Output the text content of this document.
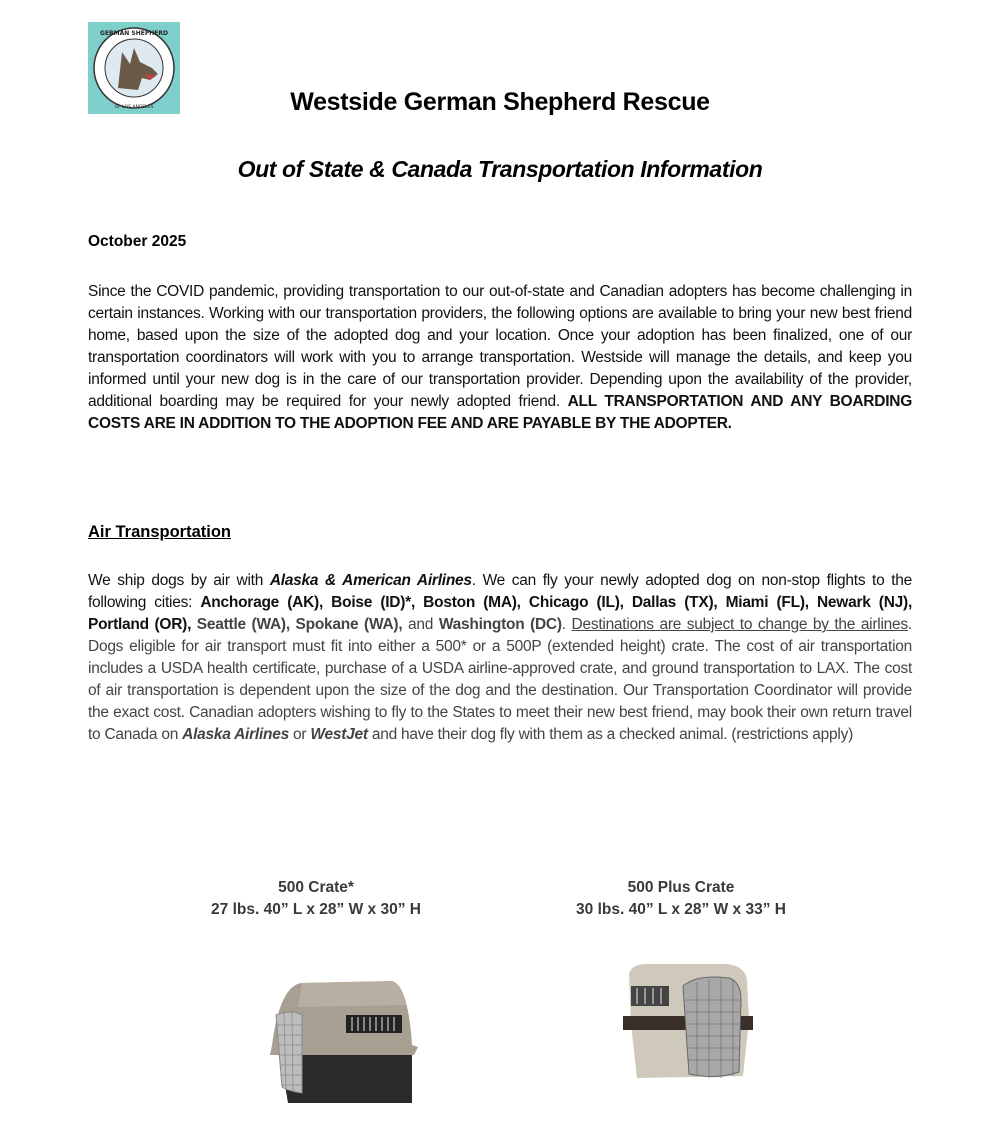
GERMAN SHEPHERD
OF LOS ANGELES	Westside German Shepherd Rescue
Out of State & Canada Transportation Information
October 2025
Since the COVID pandemic, providing transportation to our out-of-state and Canadian adopters has become challenging in certain instances. Working with our transportation providers, the following options are available to bring your new best friend home, based upon the size of the adopted dog and your location. Once your adoption has been finalized, one of our transportation coordinators will work with you to arrange transportation. Westside will manage the details, and keep you informed until your new dog is in the care of our transportation provider. Depending upon the availability of the provider, additional boarding may be required for your newly adopted friend. ALL TRANSPORTATION AND ANY BOARDING COSTS ARE IN ADDITION TO THE ADOPTION FEE AND ARE PAYABLE BY THE ADOPTER.
Air Transportation
We ship dogs by air with Alaska & American Airlines. We can fly your newly adopted dog on non-stop flights to the following cities: Anchorage (AK), Boise (ID)*, Boston (MA), Chicago (IL), Dallas (TX), Miami (FL), Newark (NJ), Portland (OR), Seattle (WA), Spokane (WA), and Washington (DC). Destinations are subject to change by the airlines. Dogs eligible for air transport must fit into either a 500* or a 500P (extended height) crate. The cost of air transportation includes a USDA health certificate, purchase of a USDA airline-approved crate, and ground transportation to LAX. The cost of air transportation is dependent upon the size of the dog and the destination. Our Transportation Coordinator will provide the exact cost. Canadian adopters wishing to fly to the States to meet their new best friend, may book their own return travel to Canada on Alaska Airlines or WestJet and have their dog fly with them as a checked animal. (restrictions apply)
500 Crate*
27 lbs. 40” L x 28” W x 30” H
500 Plus Crate
30 lbs. 40” L x 28” W x 33” H
